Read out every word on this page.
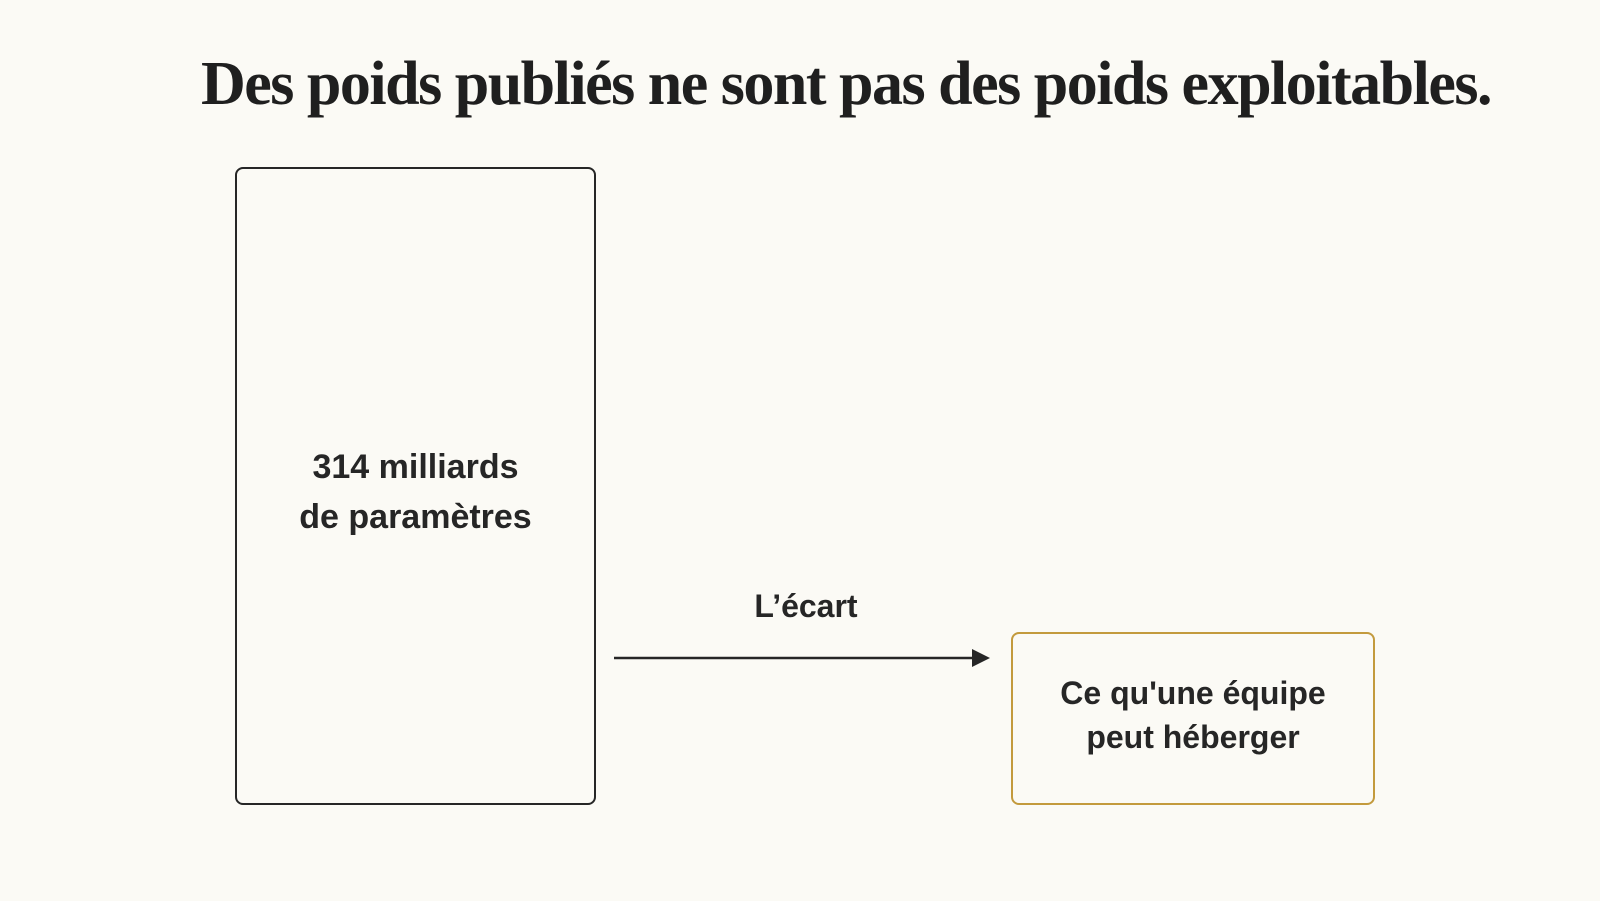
Des poids publiés ne sont pas des poids exploitables.
314 milliards
de paramètres
L’écart
Ce qu'une équipe
peut héberger
